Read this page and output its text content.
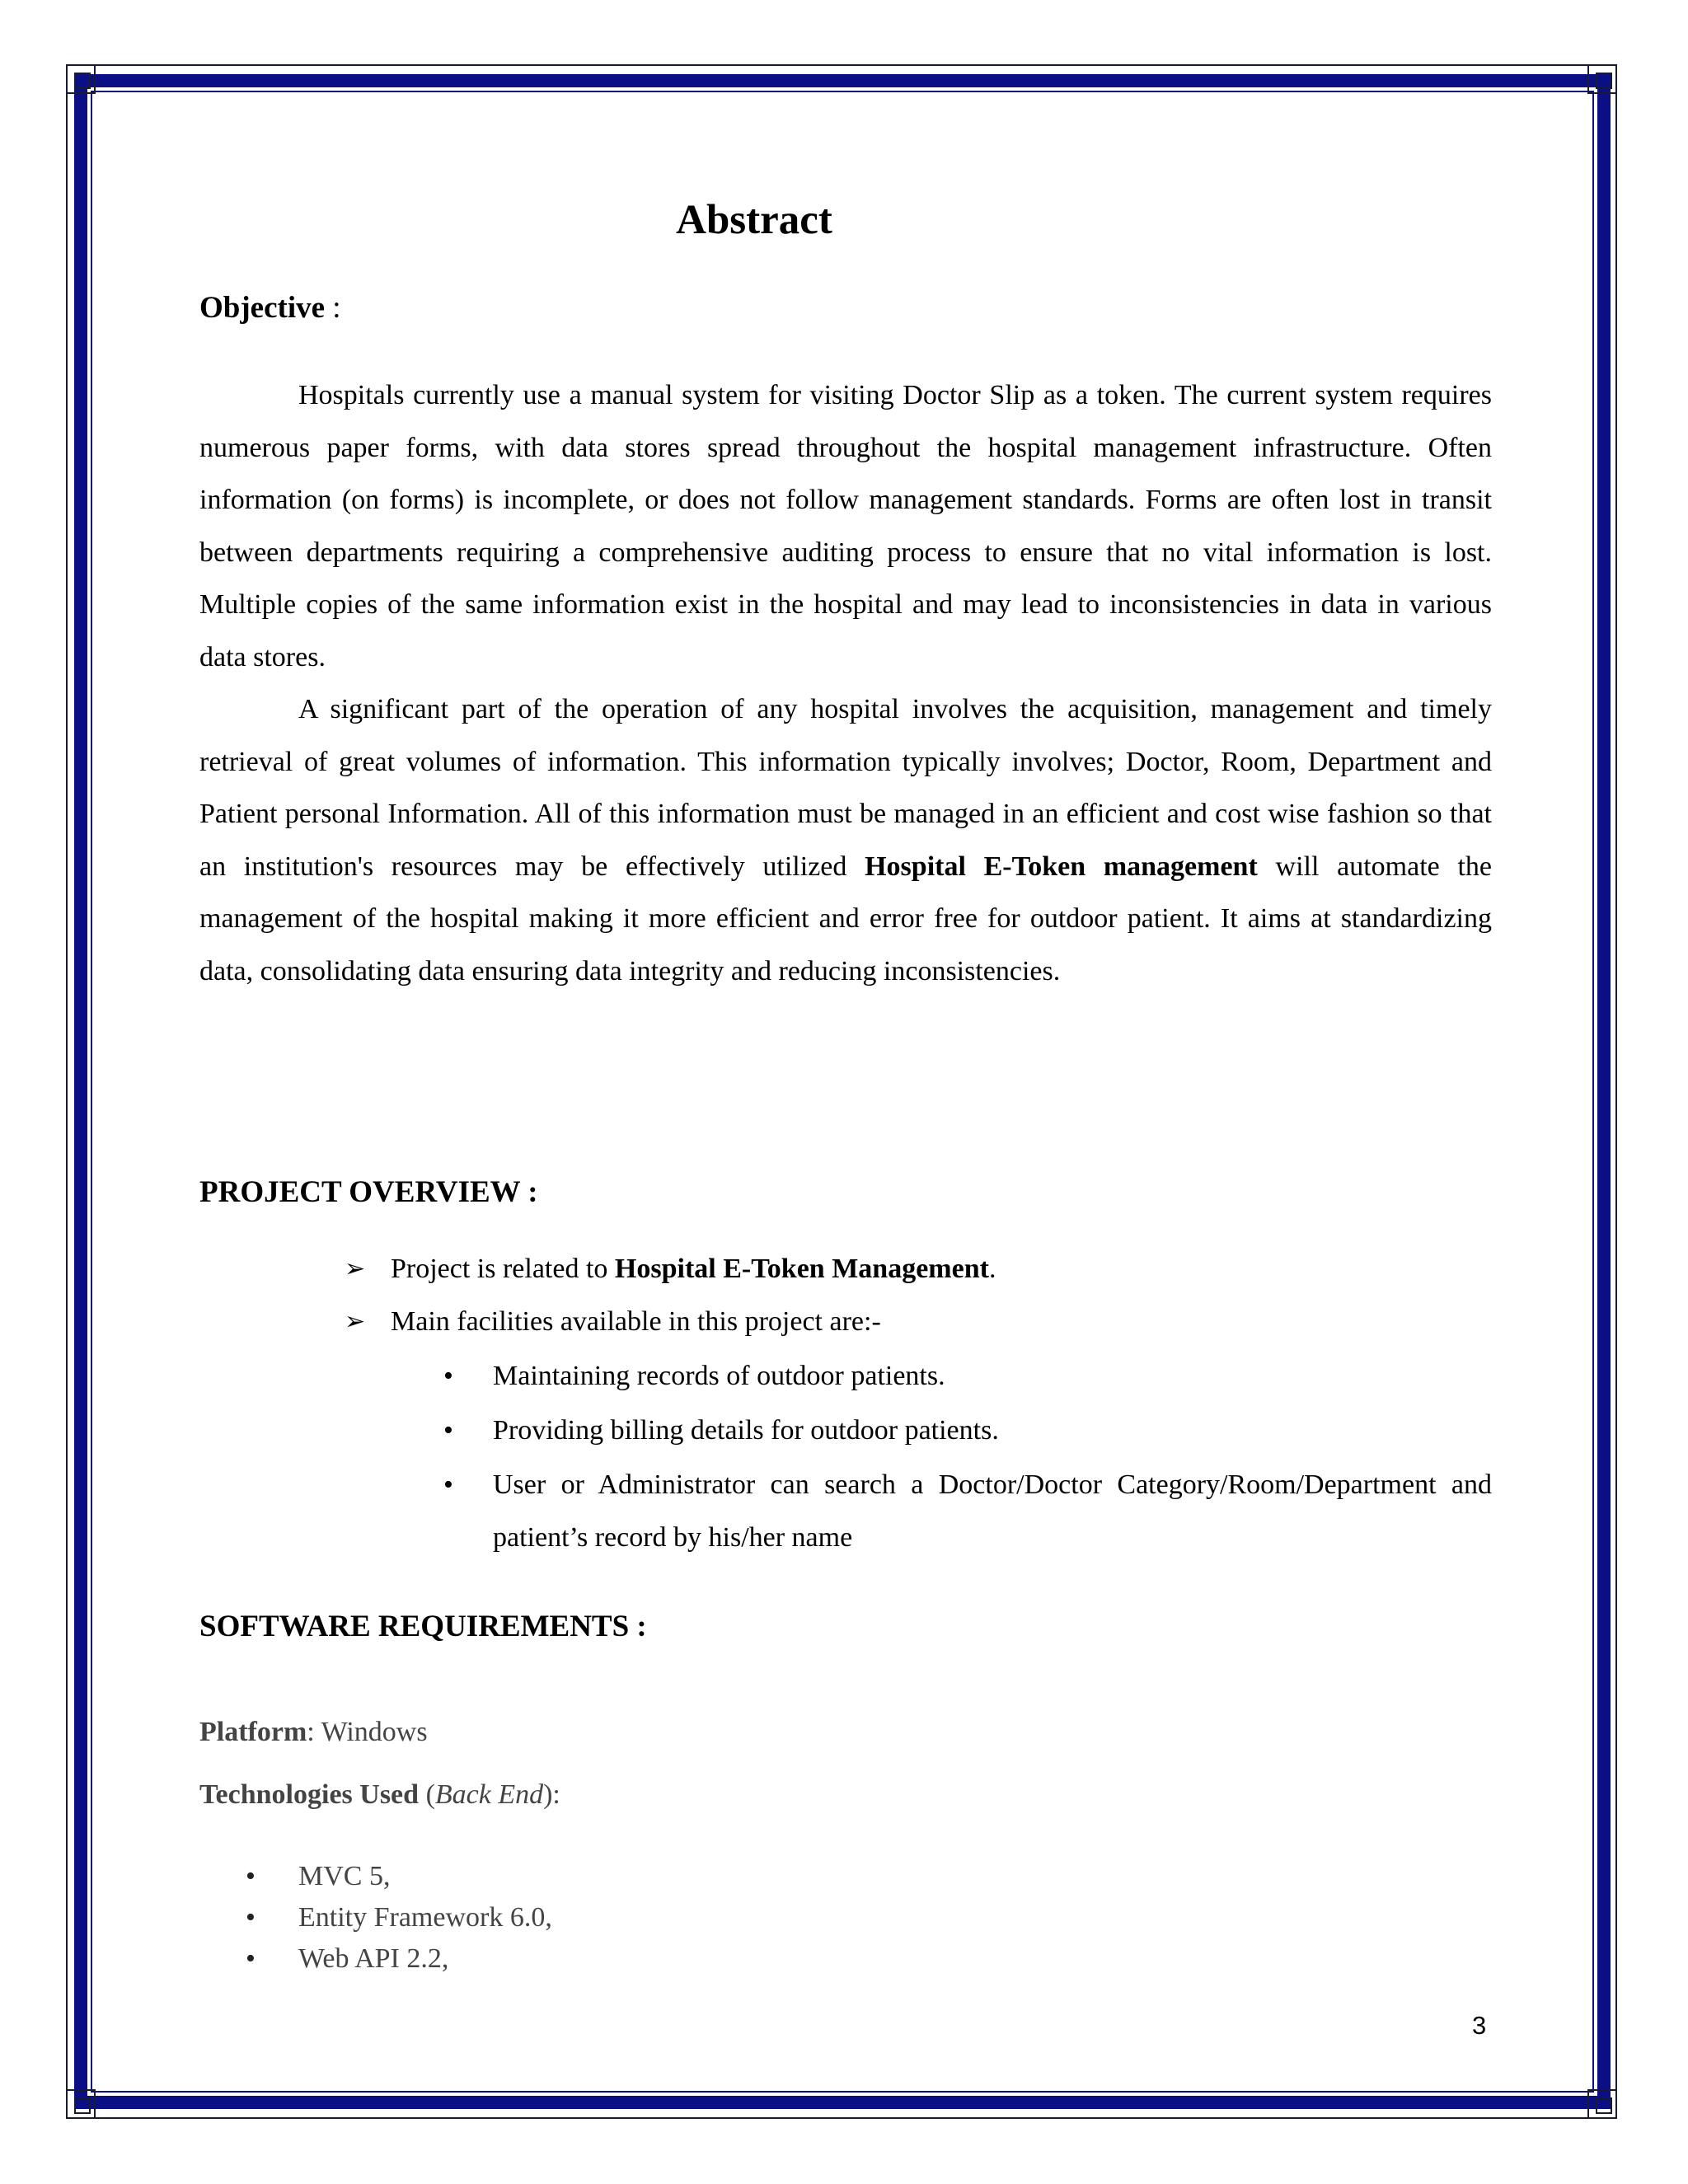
Abstract

Objective :

Hospitals currently use a manual system for visiting Doctor Slip as a token. The current system requires numerous paper forms, with data stores spread throughout the hospital management infrastructure. Often information (on forms) is incomplete, or does not follow management standards. Forms are often lost in transit between departments requiring a comprehensive auditing process to ensure that no vital information is lost. Multiple copies of the same information exist in the hospital and may lead to inconsistencies in data in various data stores.

A significant part of the operation of any hospital involves the acquisition, management and timely retrieval of great volumes of information. This information typically involves; Doctor, Room, Department and Patient personal Information. All of this information must be managed in an efficient and cost wise fashion so that an institution's resources may be effectively utilized Hospital E-Token management will automate the management of the hospital making it more efficient and error free for outdoor patient. It aims at standardizing data, consolidating data ensuring data integrity and reducing inconsistencies.

PROJECT OVERVIEW :

➢ Project is related to Hospital E-Token Management.
➢ Main facilities available in this project are:-
• Maintaining records of outdoor patients.
• Providing billing details for outdoor patients.
• User or Administrator can search a Doctor/Doctor Category/Room/Department and patient’s record by his/her name

SOFTWARE REQUIREMENTS :

Platform: Windows

Technologies Used (Back End):

• MVC 5,
• Entity Framework 6.0,
• Web API 2.2,
3
